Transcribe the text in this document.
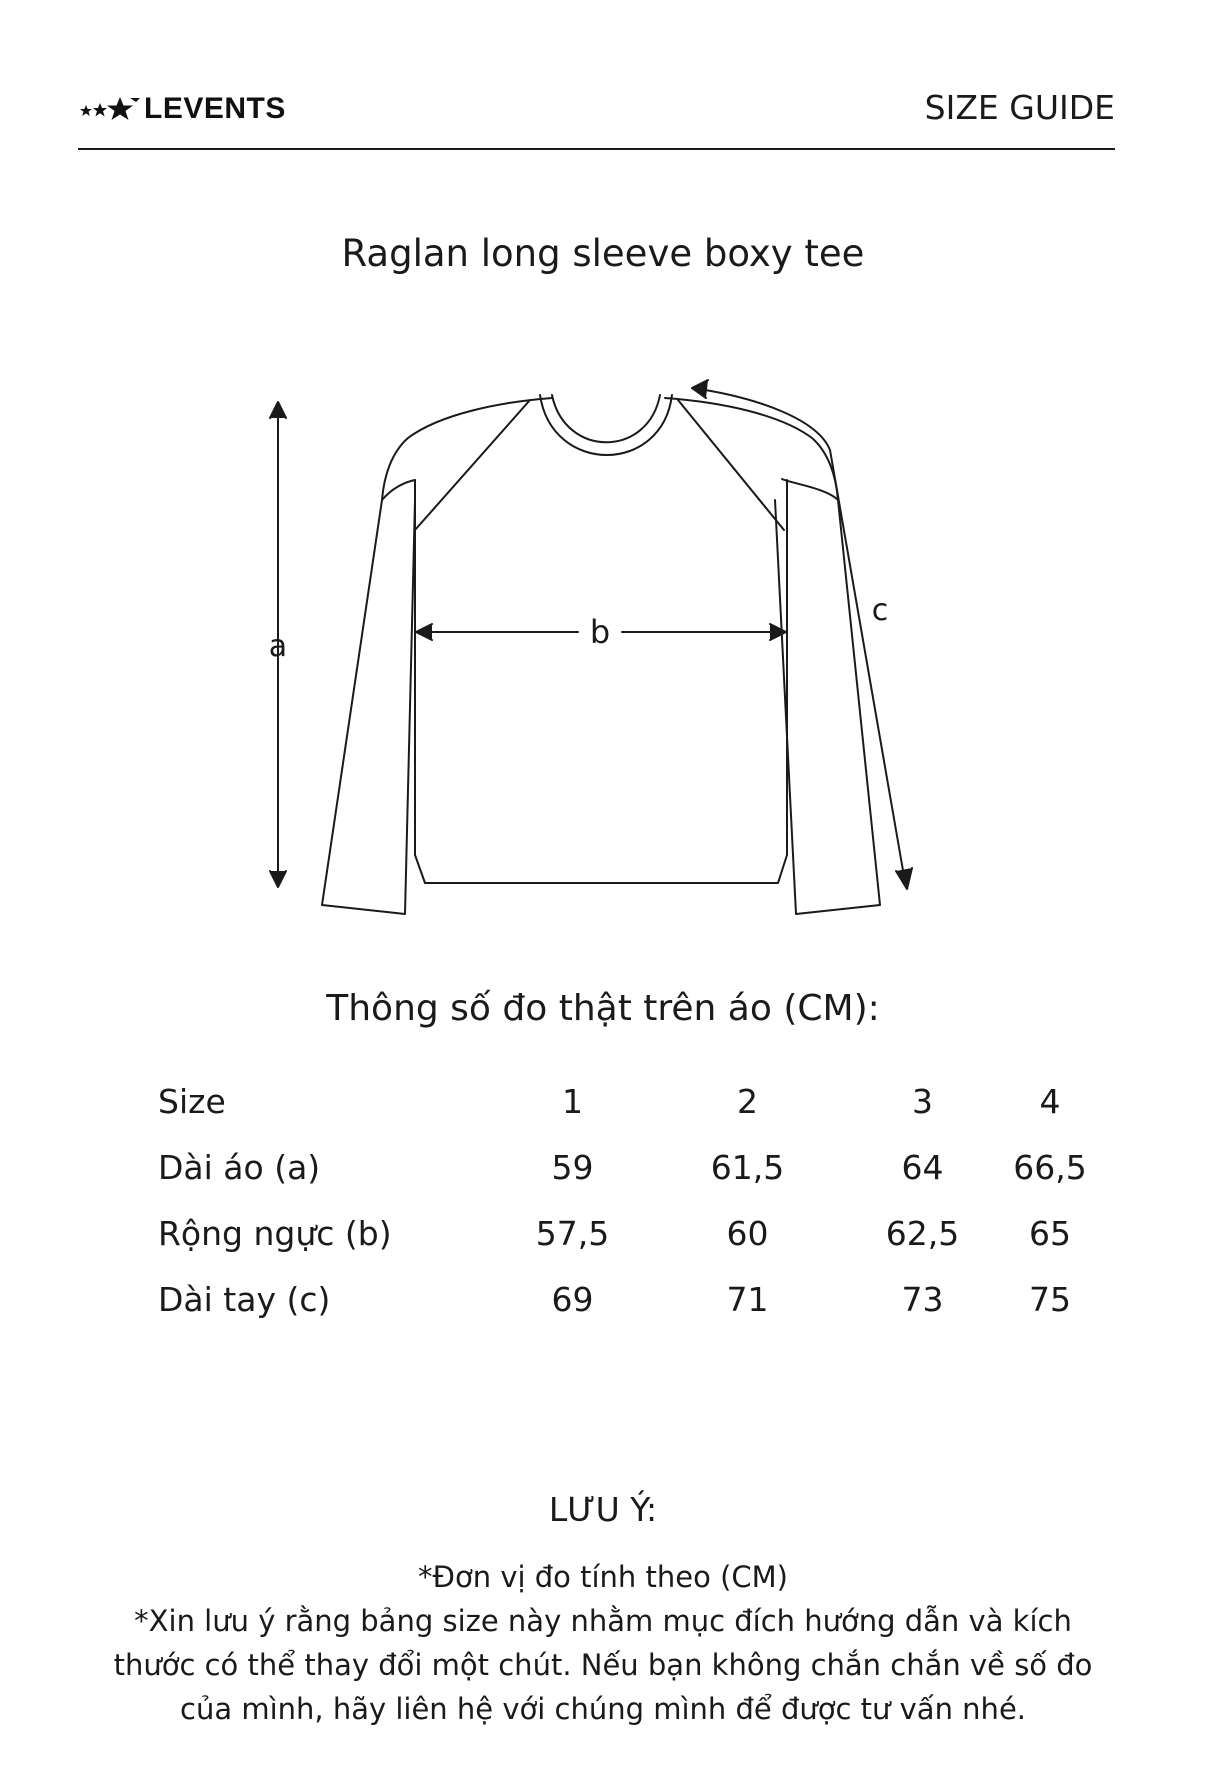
LEVENTS	SIZE GUIDE
Raglan long sleeve boxy tee
a	b
c
Thông số đo thật trên áo (CM):
Size	1	2	3	4
Dài áo (a)	59	61,5	64	66,5
Rộng ngực (b)	57,5	60	62,5	65
Dài tay (c)	69	71	73	75
LƯU Ý:
*Đơn vị đo tính theo (CM)
*Xin lưu ý rằng bảng size này nhằm mục đích hướng dẫn và kích
thước có thể thay đổi một chút. Nếu bạn không chắn chắn về số đo
của mình, hãy liên hệ với chúng mình để được tư vấn nhé.
